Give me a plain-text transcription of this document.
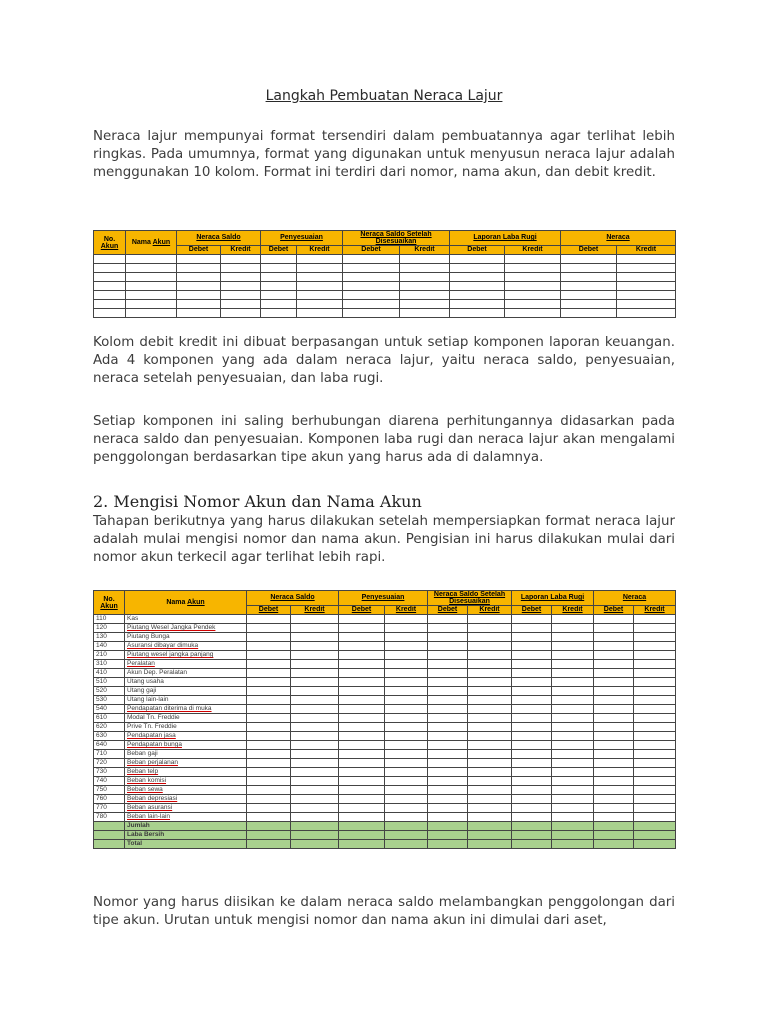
Langkah Pembuatan Neraca Lajur

Neraca lajur mempunyai format tersendiri dalam pembuatannya agar terlihat lebih ringkas. Pada umumnya, format yang digunakan untuk menyusun neraca lajur adalah menggunakan 10 kolom. Format ini terdiri dari nomor, nama akun, dan debit kredit.

No.
Akun	Nama Akun	Neraca Saldo		Penyesuaian		Neraca Saldo Setelah Disesuaikan		Laporan Laba Rugi		Neraca	
		Debet	Kredit	Debet	Kredit	Debet	Kredit	Debet	Kredit	Debet	Kredit

Kolom debit kredit ini dibuat berpasangan untuk setiap komponen laporan keuangan. Ada 4 komponen yang ada dalam neraca lajur, yaitu neraca saldo, penyesuaian, neraca setelah penyesuaian, dan laba rugi.

Setiap komponen ini saling berhubungan diarena perhitungannya didasarkan pada neraca saldo dan penyesuaian. Komponen laba rugi dan neraca lajur akan mengalami penggolongan berdasarkan tipe akun yang harus ada di dalamnya.

2. Mengisi Nomor Akun dan Nama Akun

Tahapan berikutnya yang harus dilakukan setelah mempersiapkan format neraca lajur adalah mulai mengisi nomor dan nama akun. Pengisian ini harus dilakukan mulai dari nomor akun terkecil agar terlihat lebih rapi.

No.
Akun	Nama Akun	Neraca Saldo		Penyesuaian		Neraca Saldo Setelah Disesuaikan		Laporan Laba Rugi		Neraca	
		Debet	Kredit	Debet	Kredit	Debet	Kredit	Debet	Kredit	Debet	Kredit
110	Kas										
120	Piutang Wesel Jangka Pendek										
130	Piutang Bunga										
140	Asuransi dibayar dimuka										
210	Piutang wesel jangka panjang										
310	Peralatan										
410	Akun Dep. Peralatan										
510	Utang usaha										
520	Utang gaji										
530	Utang lain-lain										
540	Pendapatan diterima di muka										
610	Modal Tn. Freddie										
620	Prive Tn. Freddie										
630	Pendapatan jasa										
640	Pendapatan bunga										
710	Beban gaji										
720	Beban perjalanan										
730	Beban telp										
740	Beban komisi										
750	Beban sewa										
760	Beban depresiasi										
770	Beban asuransi										
780	Beban lain-lain										
	Jumlah										
	Laba Bersih										
	Total										

Nomor yang harus diisikan ke dalam neraca saldo melambangkan penggolongan dari tipe akun. Urutan untuk mengisi nomor dan nama akun ini dimulai dari aset,
